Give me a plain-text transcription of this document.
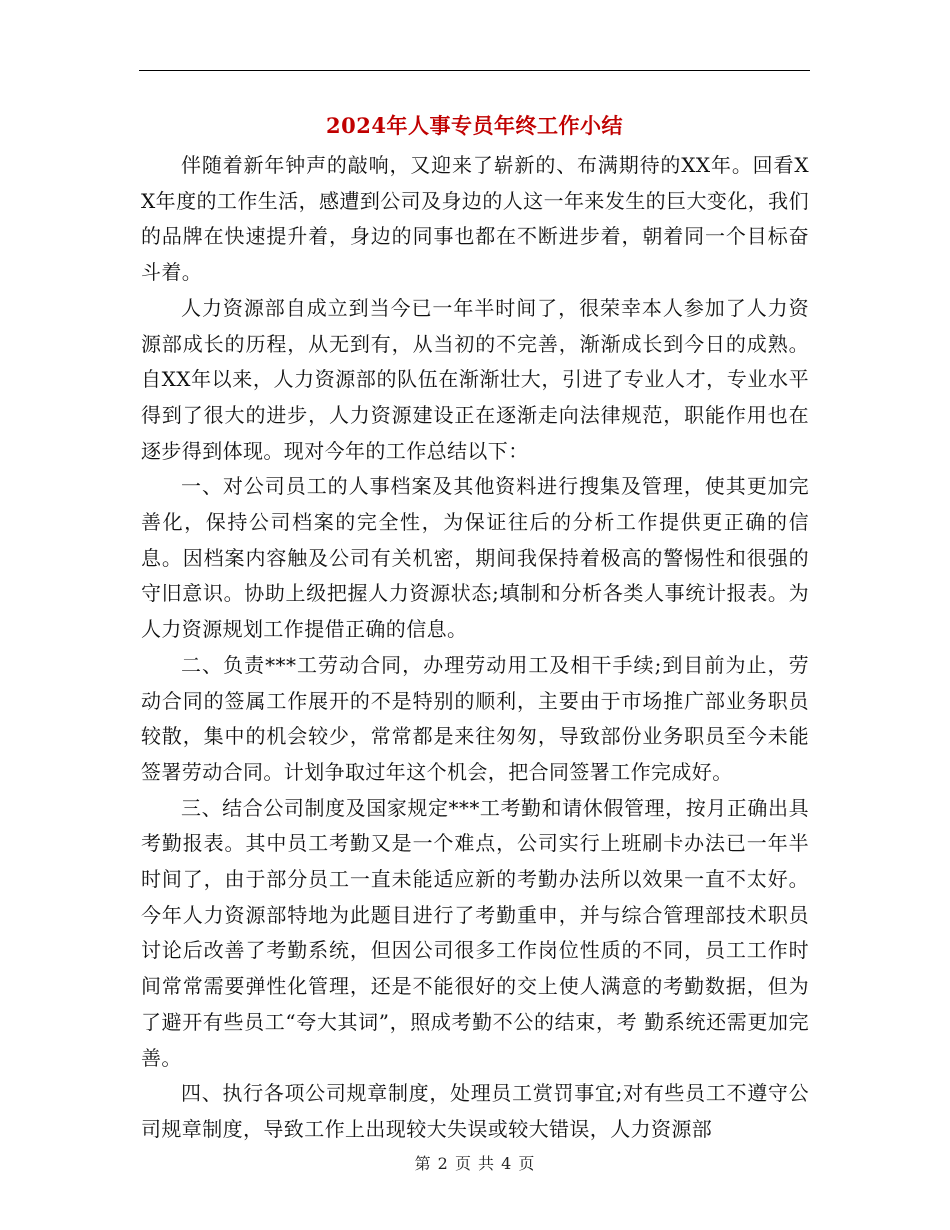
2024年人事专员年终工作小结

伴随着新年钟声的敲响，又迎来了崭新的、布满期待的XX年。回看XX年度的工作生活，感遭到公司及身边的人这一年来发生的巨大变化，我们的品牌在快速提升着，身边的同事也都在不断进步着，朝着同一个目标奋斗着。

人力资源部自成立到当今已一年半时间了，很荣幸本人参加了人力资源部成长的历程，从无到有，从当初的不完善，渐渐成长到今日的成熟。自XX年以来，人力资源部的队伍在渐渐壮大，引进了专业人才，专业水平得到了很大的进步，人力资源建设正在逐渐走向法律规范，职能作用也在逐步得到体现。现对今年的工作总结以下：

一、对公司员工的人事档案及其他资料进行搜集及管理，使其更加完善化，保持公司档案的完全性，为保证往后的分析工作提供更正确的信息。因档案内容触及公司有关机密，期间我保持着极高的警惕性和很强的守旧意识。协助上级把握人力资源状态;填制和分析各类人事统计报表。为人力资源规划工作提借正确的信息。

二、负责***工劳动合同，办理劳动用工及相干手续;到目前为止，劳动合同的签属工作展开的不是特别的顺利，主要由于市场推广部业务职员较散，集中的机会较少，常常都是来往匆匆，导致部份业务职员至今未能签署劳动合同。计划争取过年这个机会，把合同签署工作完成好。

三、结合公司制度及国家规定***工考勤和请休假管理，按月正确出具考勤报表。其中员工考勤又是一个难点，公司实行上班刷卡办法已一年半时间了，由于部分员工一直未能适应新的考勤办法所以效果一直不太好。今年人力资源部特地为此题目进行了考勤重申，并与综合管理部技术职员讨论后改善了考勤系统，但因公司很多工作岗位性质的不同，员工工作时间常常需要弹性化管理，还是不能很好的交上使人满意的考勤数据，但为了避开有些员工“夸大其词”，照成考勤不公的结束，考 勤系统还需更加完善。

四、执行各项公司规章制度，处理员工赏罚事宜;对有些员工不遵守公司规章制度，导致工作上出现较大失误或较大错误，人力资源部

第 2 页 共 4 页
